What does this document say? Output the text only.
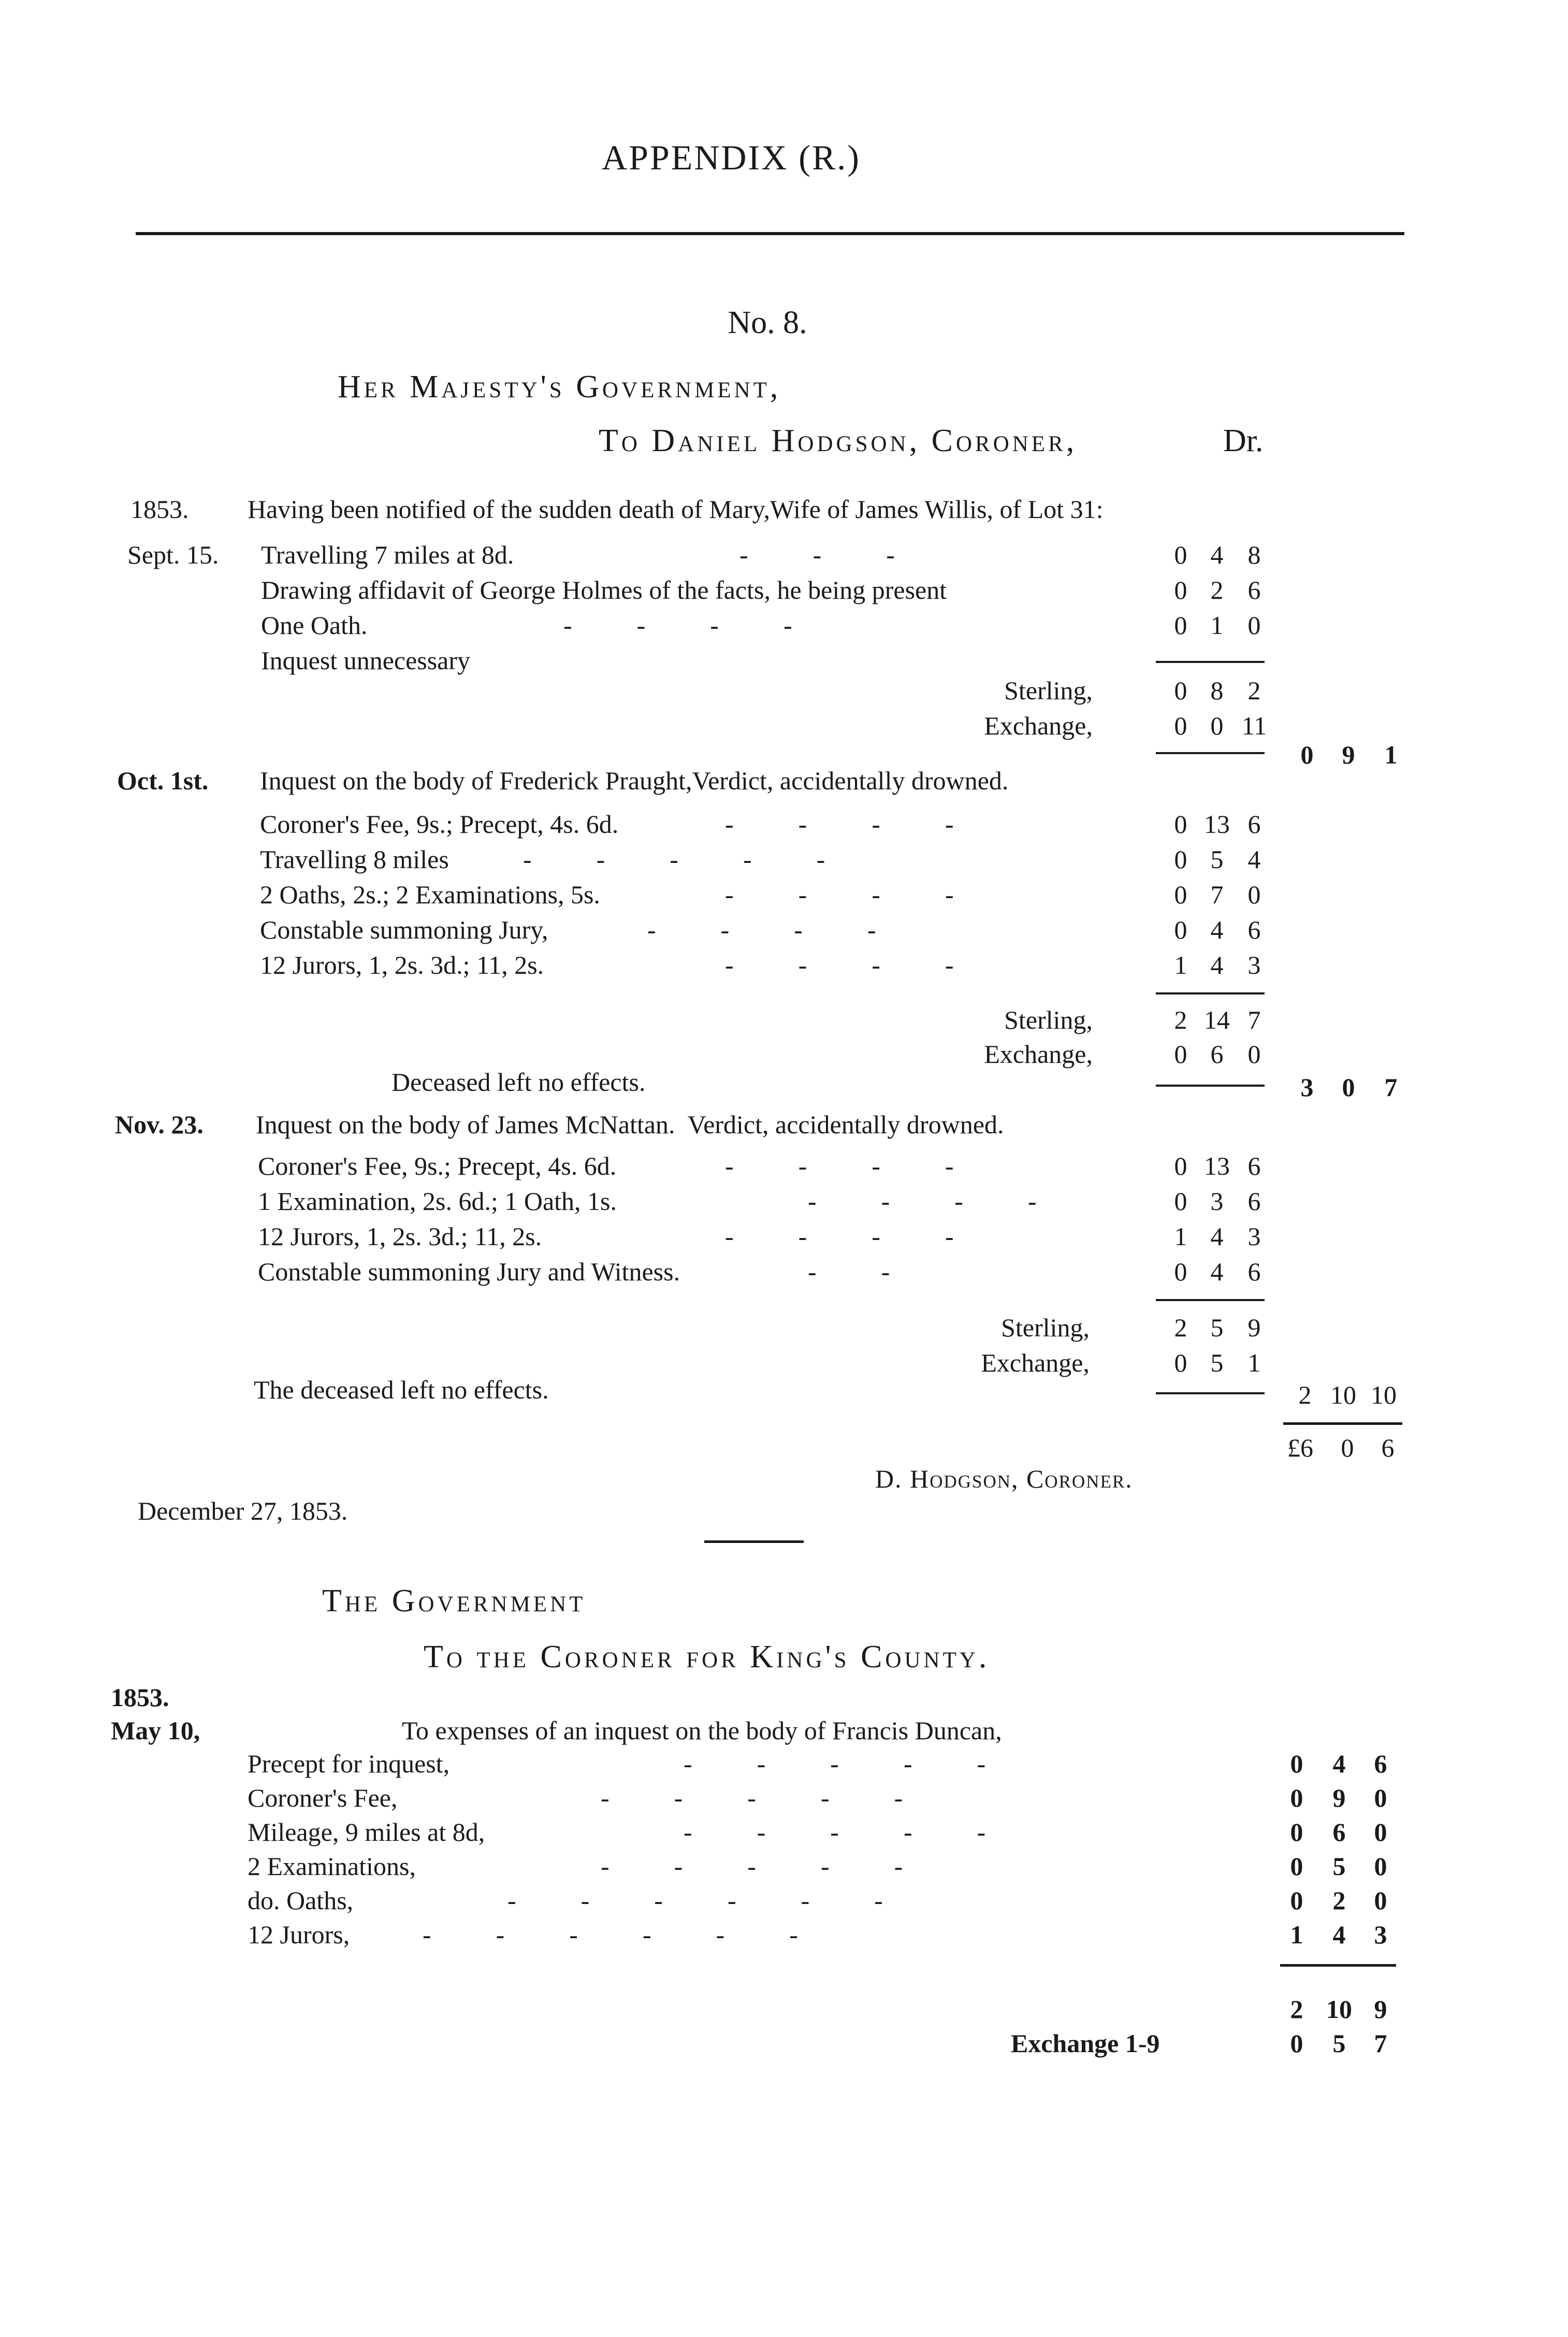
APPENDIX (R.)
No. 8.
Her Majesty's Government,
To Daniel Hodgson, Coroner,	Dr.
1853. Having been notified of the sudden death of Mary,Wife of James Willis, of Lot 31:
Sept. 15. Travelling 7 miles at 8d.	-          -          -	0 4 8
Drawing affidavit of George Holmes of the facts, he being present	0 2 6
One Oath.	-          -          -          -	0 1 0
Inquest unnecessary
Sterling,	0 8 2
Exchange,	0 0 11
0	9	1
Oct. 1st. Inquest on the body of Frederick Praught,Verdict, accidentally drowned.
Coroner's Fee, 9s.; Precept, 4s. 6d.	-          -          -          -	0 13 6
Travelling 8 miles	-          -          -          -          -	0 5 4
2 Oaths, 2s.; 2 Examinations, 5s.	-          -          -          -	0 7 0
Constable summoning Jury,	-          -          -          -	0 4 6
12 Jurors, 1, 2s. 3d.; 11, 2s.	-          -          -          -	1 4 3
Sterling,	2 14 7
Exchange,	0 6 0
Deceased left no effects.	3	0	7
Nov. 23. Inquest on the body of James McNattan.  Verdict, accidentally drowned.
Coroner's Fee, 9s.; Precept, 4s. 6d.	-          -          -          -	0 13 6
1 Examination, 2s. 6d.; 1 Oath, 1s.	-          -          -          -	0 3 6
12 Jurors, 1, 2s. 3d.; 11, 2s.	-          -          -          -	1 4 3
Constable summoning Jury and Witness.	-          -	0 4 6
Sterling,	2 5 9
Exchange,	0 5 1
The deceased left no effects.	2 10 10
£6	0	6
D. Hodgson, Coroner.
December 27, 1853.
The Government
To the Coroner for King's County.
1853.
May 10,	To expenses of an inquest on the body of Francis Duncan,
Precept for inquest,	-          -          -          -          -	0	4	6
Coroner's Fee,	-          -          -          -          -	0	9	0
Mileage, 9 miles at 8d,	-          -          -          -          -	0	6	0
2 Examinations,	-          -          -          -          -	0	5	0
do. Oaths,	-          -          -          -          -          -	0	2	0
12 Jurors,	-          -          -          -          -          -	1	4	3
2 10 9
Exchange 1-9	0	5	7
